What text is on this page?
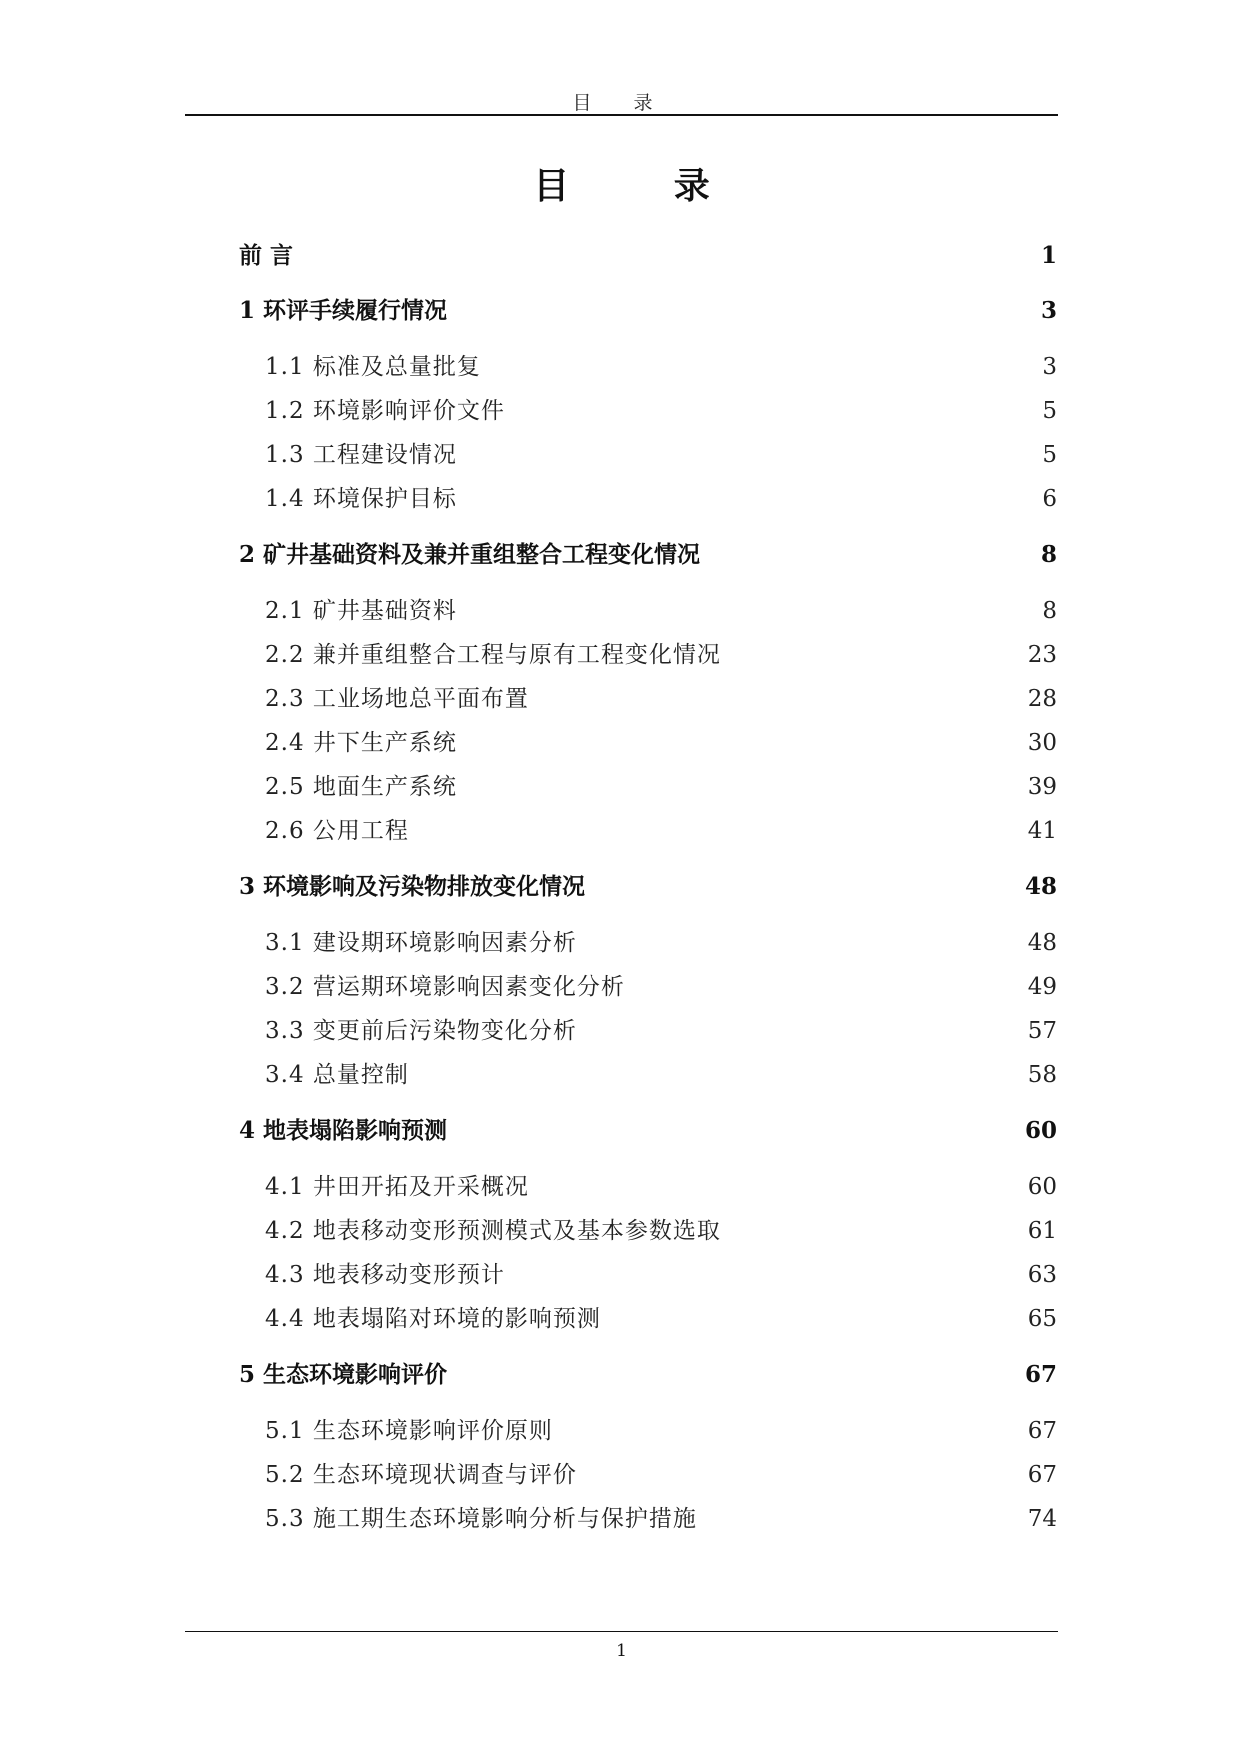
目 录
目 录
前 言	1
1 环评手续履行情况	3
1.1 标准及总量批复	3
1.2 环境影响评价文件	5
1.3 工程建设情况	5
1.4 环境保护目标	6
2 矿井基础资料及兼并重组整合工程变化情况	8
2.1 矿井基础资料	8
2.2 兼并重组整合工程与原有工程变化情况	23
2.3 工业场地总平面布置	28
2.4 井下生产系统	30
2.5 地面生产系统	39
2.6 公用工程	41
3 环境影响及污染物排放变化情况	48
3.1 建设期环境影响因素分析	48
3.2 营运期环境影响因素变化分析	49
3.3 变更前后污染物变化分析	57
3.4 总量控制	58
4 地表塌陷影响预测	60
4.1 井田开拓及开采概况	60
4.2 地表移动变形预测模式及基本参数选取	61
4.3 地表移动变形预计	63
4.4 地表塌陷对环境的影响预测	65
5 生态环境影响评价	67
5.1 生态环境影响评价原则	67
5.2 生态环境现状调查与评价	67
5.3 施工期生态环境影响分析与保护措施	74
1
